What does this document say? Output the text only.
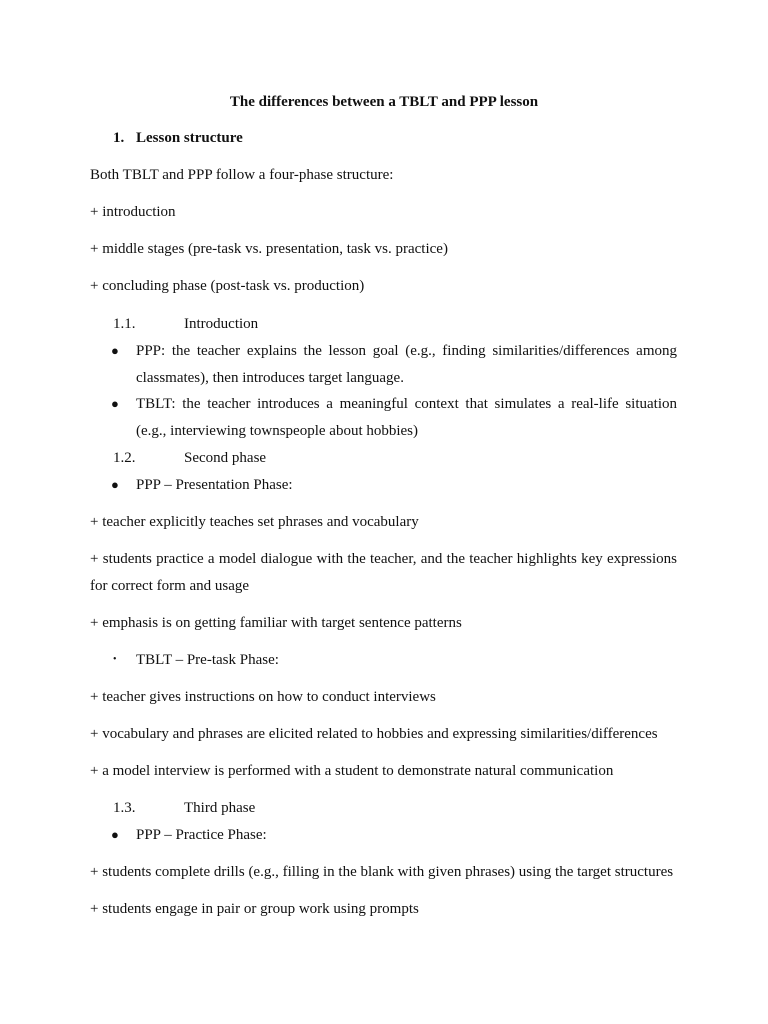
The differences between a TBLT and PPP lesson
1. Lesson structure
Both TBLT and PPP follow a four-phase structure:
+ introduction
+ middle stages (pre-task vs. presentation, task vs. practice)
+ concluding phase (post-task vs. production)
1.1.	Introduction
● PPP: the teacher explains the lesson goal (e.g., finding similarities/differences among
classmates), then introduces target language.
● TBLT: the teacher introduces a meaningful context that simulates a real-life situation
(e.g., interviewing townspeople about hobbies)
1.2.	Second phase
● PPP – Presentation Phase:
+ teacher explicitly teaches set phrases and vocabulary
+ students practice a model dialogue with the teacher, and the teacher highlights key expressions
for correct form and usage
+ emphasis is on getting familiar with target sentence patterns
• TBLT – Pre-task Phase:
+ teacher gives instructions on how to conduct interviews
+ vocabulary and phrases are elicited related to hobbies and expressing similarities/differences
+ a model interview is performed with a student to demonstrate natural communication
1.3.	Third phase
● PPP – Practice Phase:
+ students complete drills (e.g., filling in the blank with given phrases) using the target structures
+ students engage in pair or group work using prompts
